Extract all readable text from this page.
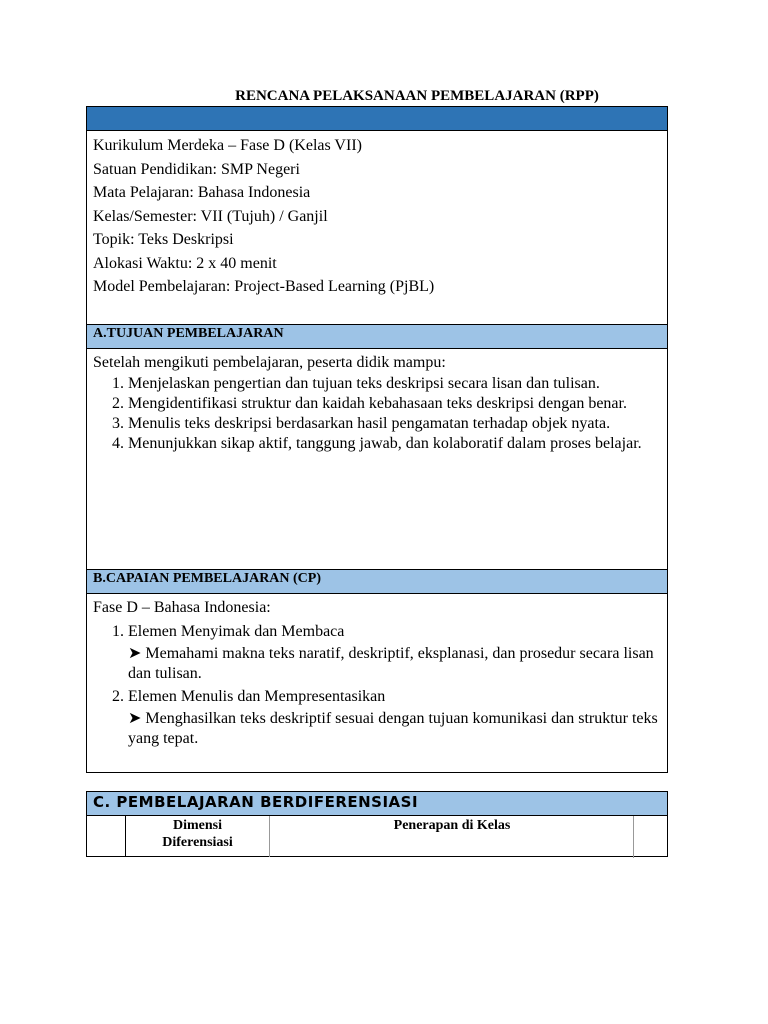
RENCANA PELAKSANAAN PEMBELAJARAN (RPP)

Kurikulum Merdeka – Fase D (Kelas VII)

Satuan Pendidikan: SMP Negeri

Mata Pelajaran: Bahasa Indonesia

Kelas/Semester: VII (Tujuh) / Ganjil

Topik: Teks Deskripsi

Alokasi Waktu: 2 x 40 menit

Model Pembelajaran: Project-Based Learning (PjBL)

A.TUJUAN PEMBELAJARAN

Setelah mengikuti pembelajaran, peserta didik mampu:

1. Menjelaskan pengertian dan tujuan teks deskripsi secara lisan dan tulisan.
2. Mengidentifikasi struktur dan kaidah kebahasaan teks deskripsi dengan benar.
3. Menulis teks deskripsi berdasarkan hasil pengamatan terhadap objek nyata.
4. Menunjukkan sikap aktif, tanggung jawab, dan kolaboratif dalam proses belajar.
B.CAPAIAN PEMBELAJARAN (CP)

Fase D – Bahasa Indonesia:

1. Elemen Menyimak dan Membaca
➤ Memahami makna teks naratif, deskriptif, eksplanasi, dan prosedur secara lisan dan tulisan.
2. Elemen Menulis dan Mempresentasikan
➤ Menghasilkan teks deskriptif sesuai dengan tujuan komunikasi dan struktur teks yang tepat.
C. PEMBELAJARAN BERDIFERENSIASI
Dimensi Diferensiasi
Penerapan di Kelas
